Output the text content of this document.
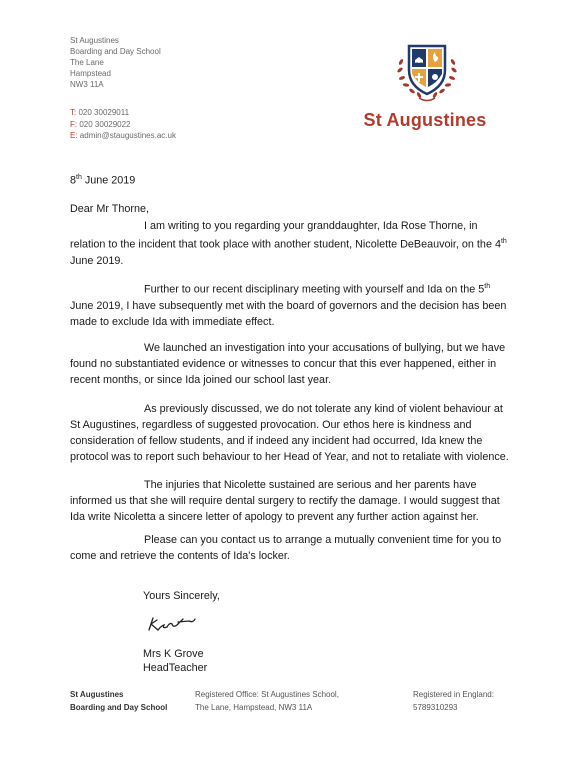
St Augustines
Boarding and Day School
The Lane
Hampstead
NW3 11A
T: 020 30029011
F: 020 30029022
E: admin@staugustines.ac.uk
St Augustines
8th June 2019
Dear Mr Thorne,

I am writing to you regarding your granddaughter, Ida Rose Thorne, in relation to the incident that took place with another student, Nicolette DeBeauvoir, on the 4th June 2019.

Further to our recent disciplinary meeting with yourself and Ida on the 5th June 2019, I have subsequently met with the board of governors and the decision has been made to exclude Ida with immediate effect.

We launched an investigation into your accusations of bullying, but we have found no substantiated evidence or witnesses to concur that this ever happened, either in recent months, or since Ida joined our school last year.

As previously discussed, we do not tolerate any kind of violent behaviour at St Augustines, regardless of suggested provocation. Our ethos here is kindness and consideration of fellow students, and if indeed any incident had occurred, Ida knew the protocol was to report such behaviour to her Head of Year, and not to retaliate with violence.

The injuries that Nicolette sustained are serious and her parents have informed us that she will require dental surgery to rectify the damage. I would suggest that Ida write Nicoletta a sincere letter of apology to prevent any further action against her.

Please can you contact us to arrange a mutually convenient time for you to come and retrieve the contents of Ida's locker.

Yours Sincerely,
Mrs K Grove
HeadTeacher
St Augustines
Boarding and Day School
Registered Office: St Augustines School,
The Lane, Hampstead, NW3 11A
Registered in England:
5789310293
